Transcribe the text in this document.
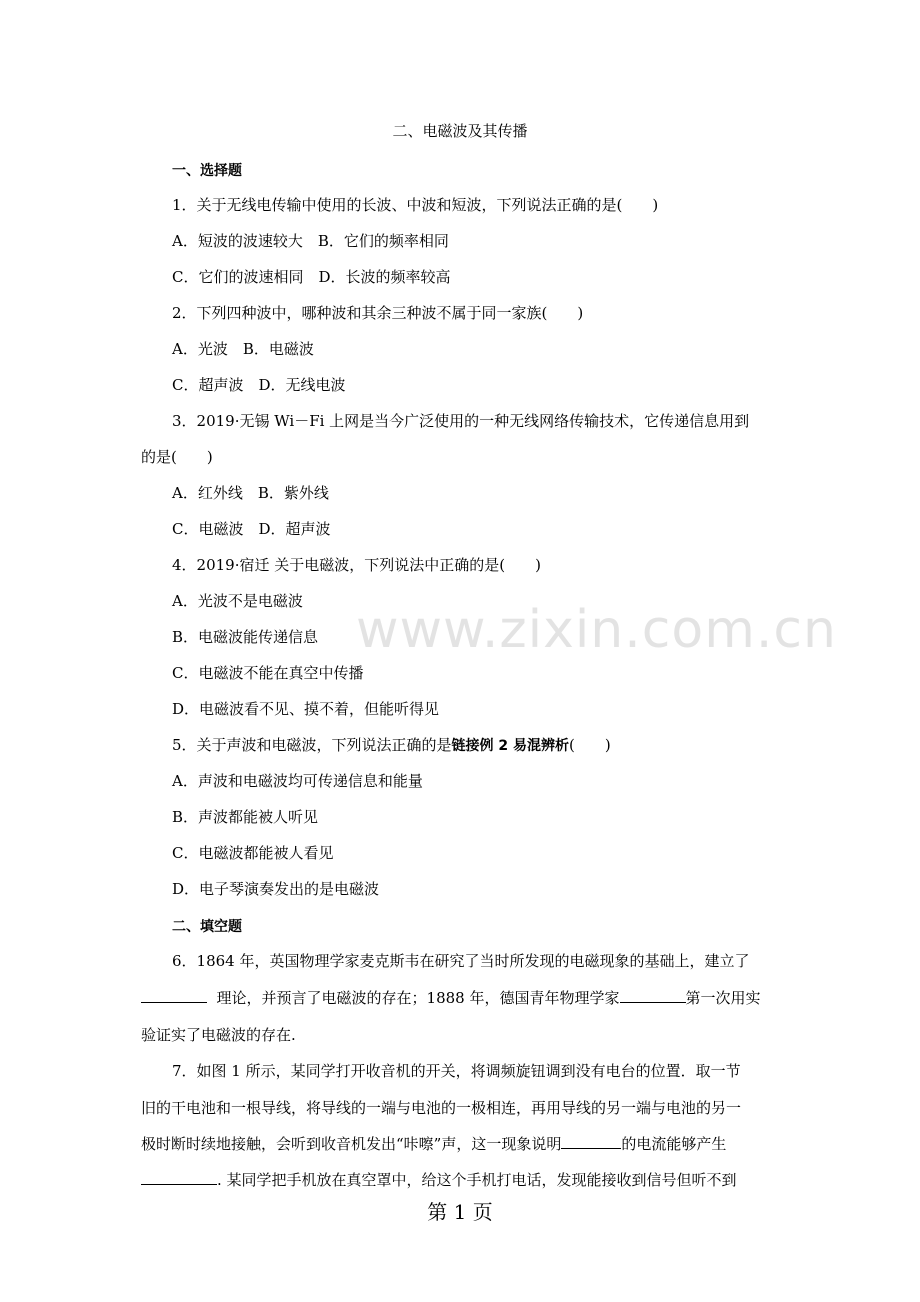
二、电磁波及其传播
一、选择题
1．关于无线电传输中使用的长波、中波和短波，下列说法正确的是(　　)
A．短波的波速较大　B．它们的频率相同
C．它们的波速相同　D．长波的频率较高
2．下列四种波中，哪种波和其余三种波不属于同一家族(　　)
A．光波　B．电磁波
C．超声波　D．无线电波
3．2019·无锡 Wi－Fi 上网是当今广泛使用的一种无线网络传输技术，它传递信息用到
的是(　　)
A．红外线　B．紫外线
C．电磁波　D．超声波
4．2019·宿迁 关于电磁波，下列说法中正确的是(　　)
A．光波不是电磁波
B．电磁波能传递信息
C．电磁波不能在真空中传播
D．电磁波看不见、摸不着，但能听得见
5．关于声波和电磁波，下列说法正确的是链接例 2 易混辨析(　　)
A．声波和电磁波均可传递信息和能量
B．声波都能被人听见
C．电磁波都能被人看见
D．电子琴演奏发出的是电磁波
二、填空题
6．1864 年，英国物理学家麦克斯韦在研究了当时所发现的电磁现象的基础上，建立了
理论，并预言了电磁波的存在；1888 年，德国青年物理学家	第一次用实
验证实了电磁波的存在.
7．如图 1 所示，某同学打开收音机的开关，将调频旋钮调到没有电台的位置．取一节
旧的干电池和一根导线，将导线的一端与电池的一极相连，再用导线的另一端与电池的另一
极时断时续地接触，会听到收音机发出“咔嚓”声，这一现象说明	的电流能够产生
. 某同学把手机放在真空罩中，给这个手机打电话，发现能接收到信号但听不到
www.zixin.com.cn
第 1 页
